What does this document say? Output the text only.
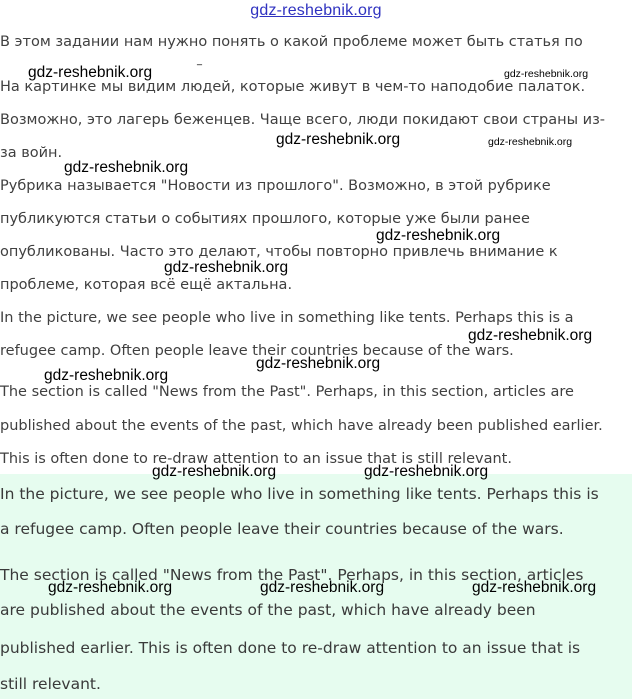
gdz-reshebnik.org

В этом задании нам нужно понять о какой проблеме может быть статья по

На картинке мы видим людей, которые живут в чем-то наподобие палаток.

Возможно, это лагерь беженцев. Чаще всего, люди покидают свои страны из-

за войн.

Рубрика называется "Новости из прошлого". Возможно, в этой рубрике

публикуются статьи о событиях прошлого, которые уже были ранее

опубликованы. Часто это делают, чтобы повторно привлечь внимание к

проблеме, которая всё ещё актальна.

In the picture, we see people who live in something like tents. Perhaps this is a

refugee camp. Often people leave their countries because of the wars.

The section is called "News from the Past". Perhaps, in this section, articles are

published about the events of the past, which have already been published earlier.

This is often done to re-draw attention to an issue that is still relevant.

In the picture, we see people who live in something like tents. Perhaps this is

a refugee camp. Often people leave their countries because of the wars.

The section is called "News from the Past". Perhaps, in this section, articles

are published about the events of the past, which have already been

published earlier. This is often done to re-draw attention to an issue that is

still relevant.

‾
gdz-reshebnik.org	gdz-reshebnik.org
gdz-reshebnik.org	gdz-reshebnik.org
gdz-reshebnik.org
gdz-reshebnik.org
gdz-reshebnik.org
gdz-reshebnik.org
gdz-reshebnik.org
gdz-reshebnik.org
gdz-reshebnik.org	gdz-reshebnik.org
gdz-reshebnik.org	gdz-reshebnik.org	gdz-reshebnik.org
